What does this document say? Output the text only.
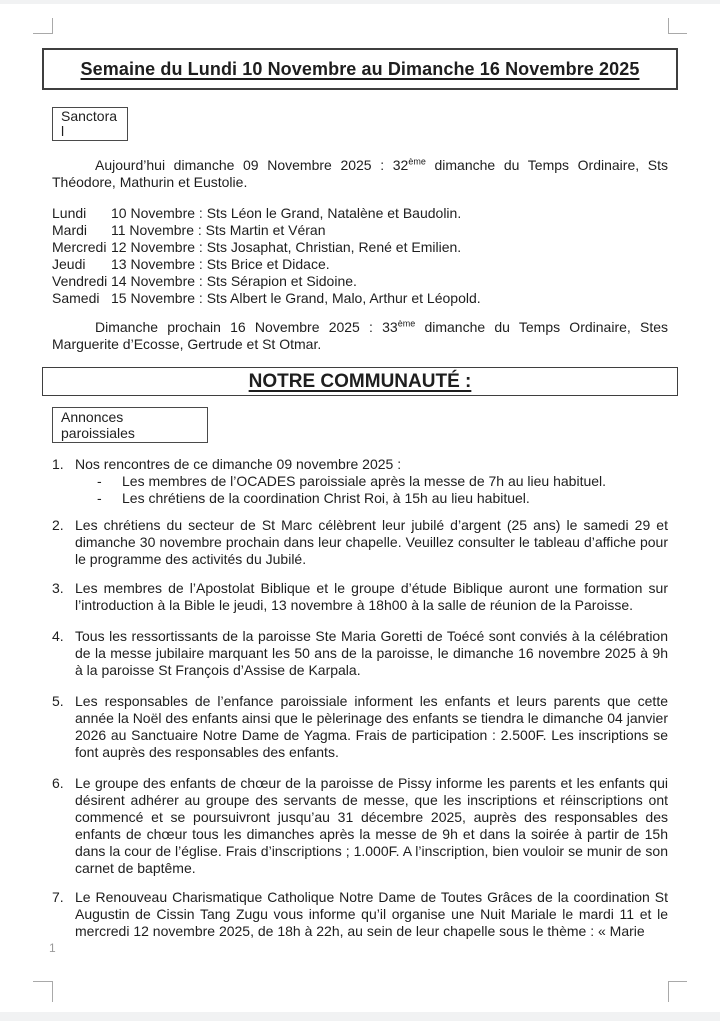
Semaine du Lundi 10 Novembre au Dimanche 16 Novembre 2025
Sanctoral

Aujourd’hui dimanche 09 Novembre 2025 : 32ème dimanche du Temps Ordinaire, Sts Théodore, Mathurin et Eustolie.

Lundi	10 Novembre : Sts Léon le Grand, Natalène et Baudolin.
Mardi	11 Novembre : Sts Martin et Véran
Mercredi 12 Novembre : Sts Josaphat, Christian, René et Emilien.
Jeudi	13 Novembre : Sts Brice et Didace.
Vendredi 14 Novembre : Sts Sérapion et Sidoine.
Samedi 15 Novembre : Sts Albert le Grand, Malo, Arthur et Léopold.

Dimanche prochain 16 Novembre 2025 : 33ème dimanche du Temps Ordinaire, Stes Marguerite d’Ecosse, Gertrude et St Otmar.

NOTRE COMMUNAUTÉ :
Annonces paroissiales
1. Nos rencontres de ce dimanche 09 novembre 2025 :
-	Les membres de l’OCADES paroissiale après la messe de 7h au lieu habituel.
-	Les chrétiens de la coordination Christ Roi, à 15h au lieu habituel.
2. Les chrétiens du secteur de St Marc célèbrent leur jubilé d’argent (25 ans) le samedi 29 et dimanche 30 novembre prochain dans leur chapelle. Veuillez consulter le tableau d’affiche pour le programme des activités du Jubilé.
3. Les membres de l’Apostolat Biblique et le groupe d’étude Biblique auront une formation sur l’introduction à la Bible le jeudi, 13 novembre à 18h00 à la salle de réunion de la Paroisse.
4. Tous les ressortissants de la paroisse Ste Maria Goretti de Toécé sont conviés à la célébration de la messe jubilaire marquant les 50 ans de la paroisse, le dimanche 16 novembre 2025 à 9h à la paroisse St François d’Assise de Karpala.
5. Les responsables de l’enfance paroissiale informent les enfants et leurs parents que cette année la Noël des enfants ainsi que le pèlerinage des enfants se tiendra le dimanche 04 janvier 2026 au Sanctuaire Notre Dame de Yagma. Frais de participation : 2.500F. Les inscriptions se font auprès des responsables des enfants.
6. Le groupe des enfants de chœur de la paroisse de Pissy informe les parents et les enfants qui désirent adhérer au groupe des servants de messe, que les inscriptions et réinscriptions ont commencé et se poursuivront jusqu’au 31 décembre 2025, auprès des responsables des enfants de chœur tous les dimanches après la messe de 9h et dans la soirée à partir de 15h dans la cour de l’église. Frais d’inscriptions ; 1.000F. A l’inscription, bien vouloir se munir de son carnet de baptême.
7. Le Renouveau Charismatique Catholique Notre Dame de Toutes Grâces de la coordination St Augustin de Cissin Tang Zugu vous informe qu’il organise une Nuit Mariale le mardi 11 et le mercredi 12 novembre 2025, de 18h à 22h, au sein de leur chapelle sous le thème : « Marie
1
